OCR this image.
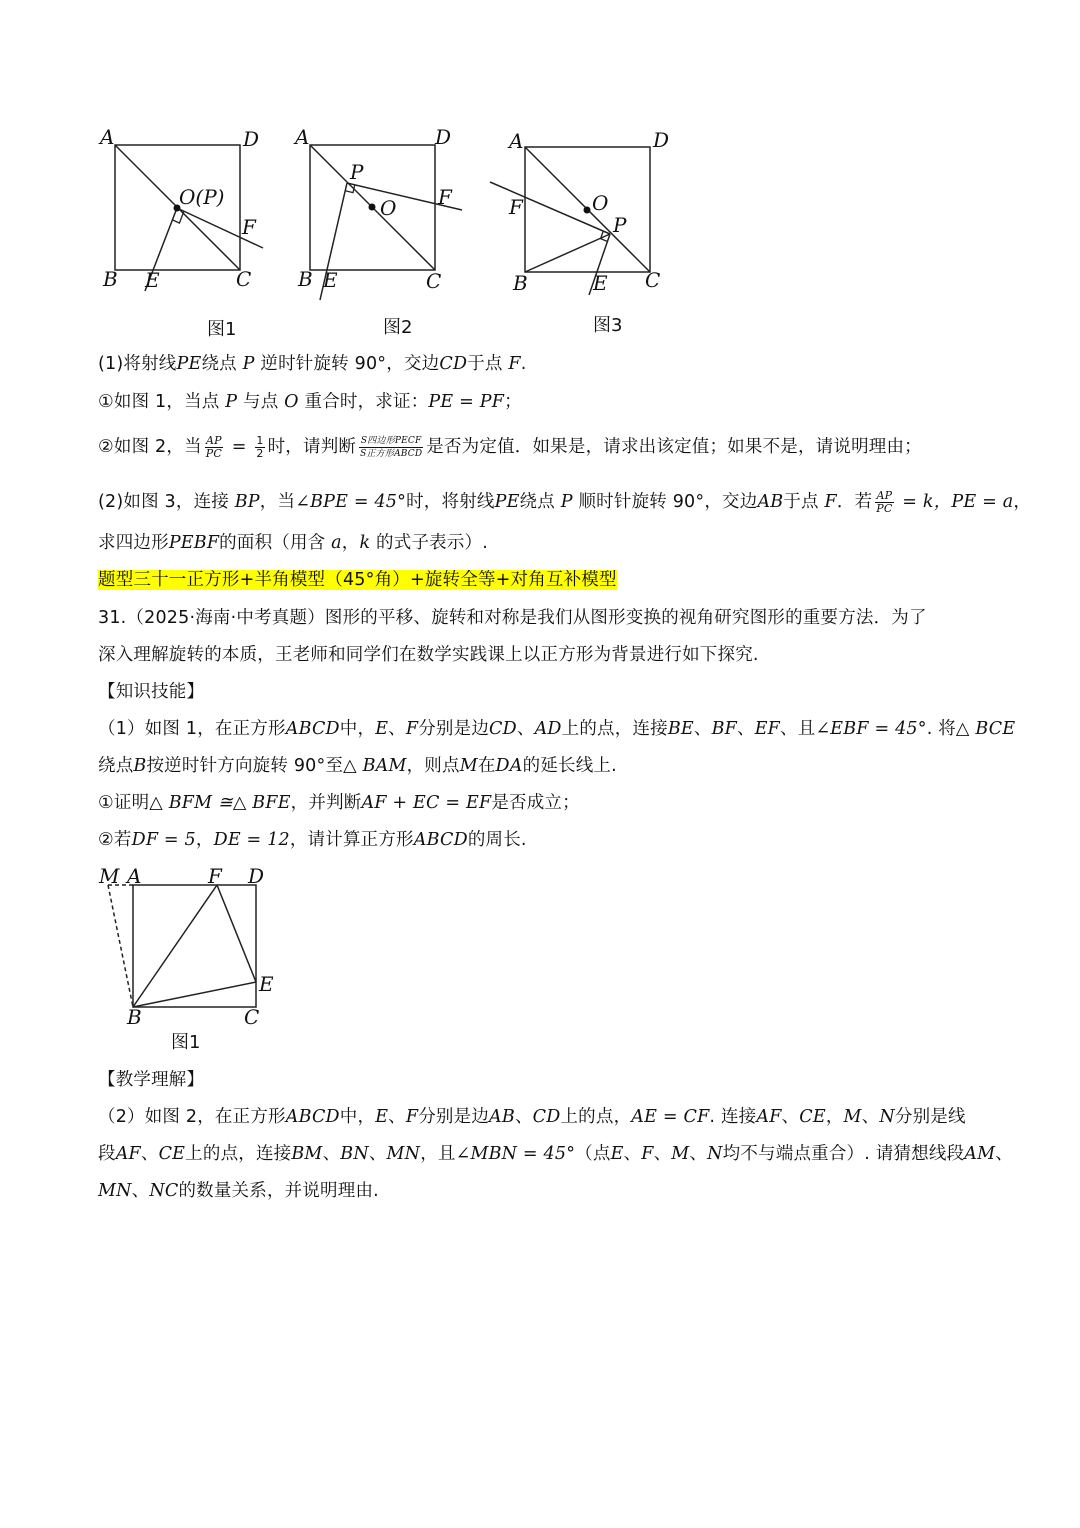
A	D
B E	C
O(P)
F
图1
A	D
B E	C
P
O F
图2
A	D
F	O
P
B	E C
图3
(1)将射线PE绕点 P 逆时针旋转 90°，交边CD于点 F.
①如图 1，当点 P 与点 O 重合时，求证：PE = PF；
②如图 2，当 $\frac{AP}{PC} = \frac{1}{2}$ 时，请判断 $\frac{\text{S四边形PECF}}{\text{S正方形ABCD}}$ 是否为定值．如果是，请求出该定值；如果不是，请说明理由；
(2)如图 3，连接 BP，当∠BPE = 45°时，将射线PE绕点 P 顺时针旋转 90°，交边AB于点 F．若 $\frac{AP}{PC} = k$，PE = a，
求四边形PEBF的面积（用含 a，k 的式子表示）.
题型三十一正方形+半角模型（45°角）+旋转全等+对角互补模型
31.（2025·海南·中考真题）图形的平移、旋转和对称是我们从图形变换的视角研究图形的重要方法．为了
深入理解旋转的本质，王老师和同学们在数学实践课上以正方形为背景进行如下探究.
【知识技能】
（1）如图 1，在正方形ABCD中，E、F分别是边CD、AD上的点，连接BE、BF、EF、且∠EBF = 45°. 将△ BCE
绕点B按逆时针方向旋转 90°至△ BAM，则点M在DA的延长线上.
①证明△ BFM ≅△ BFE，并判断AF + EC = EF是否成立；
②若DF = 5，DE = 12，请计算正方形ABCD的周长.
M A	F D
E
B	C
图1
【教学理解】
（2）如图 2，在正方形ABCD中，E、F分别是边AB、CD上的点，AE = CF. 连接AF、CE，M、N分别是线
段AF、CE上的点，连接BM、BN、MN，且∠MBN = 45°（点E、F、M、N均不与端点重合）. 请猜想线段AM、
MN、NC的数量关系，并说明理由.
